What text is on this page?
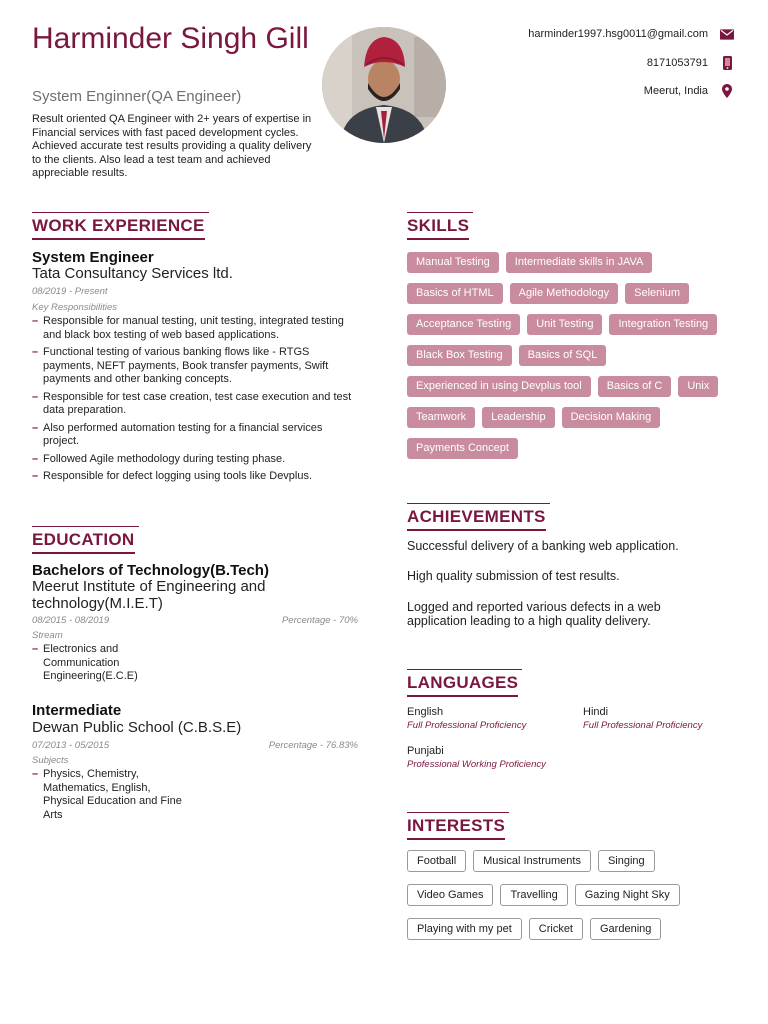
Harminder Singh Gill
System Enginner(QA Engineer)
Result oriented QA Engineer with 2+ years of expertise in Financial services with fast paced development cycles. Achieved accurate test results providing a quality delivery to the clients. Also lead a test team and achieved appreciable results.
harminder1997.hsg0011@gmail.com
8171053791
Meerut, India
WORK EXPERIENCE
System Engineer
Tata Consultancy Services ltd.
08/2019 - Present
Key Responsibilities
– Responsible for manual testing, unit testing, integrated testing and black box testing of web based applications.
– Functional testing of various banking flows like - RTGS payments, NEFT payments, Book transfer payments, Swift payments and other banking concepts.
– Responsible for test case creation, test case execution and test data preparation.
– Also performed automation testing for a financial services project.
– Followed Agile methodology during testing phase.
– Responsible for defect logging using tools like Devplus.
EDUCATION
Bachelors of Technology(B.Tech)
Meerut Institute of Engineering and technology(M.I.E.T)
08/2015 - 08/2019	Percentage - 70%
Stream
– Electronics and Communication Engineering(E.C.E)
Intermediate
Dewan Public School (C.B.S.E)
07/2013 - 05/2015	Percentage - 76.83%
Subjects
– Physics, Chemistry, Mathematics, English, Physical Education and Fine Arts
SKILLS
Manual Testing	Intermediate skills in JAVA
Basics of HTML	Agile Methodology	Selenium
Acceptance Testing	Unit Testing	Integration Testing
Black Box Testing	Basics of SQL
Experienced in using Devplus tool	Basics of C	Unix
Teamwork	Leadership	Decision Making
Payments Concept
ACHIEVEMENTS
Successful delivery of a banking web application.
High quality submission of test results.
Logged and reported various defects in a web application leading to a high quality delivery.
LANGUAGES
English
Full Professional Proficiency
Hindi
Full Professional Proficiency
Punjabi
Professional Working Proficiency
INTERESTS
Football	Musical Instruments	Singing
Video Games	Travelling	Gazing Night Sky
Playing with my pet	Cricket	Gardening
